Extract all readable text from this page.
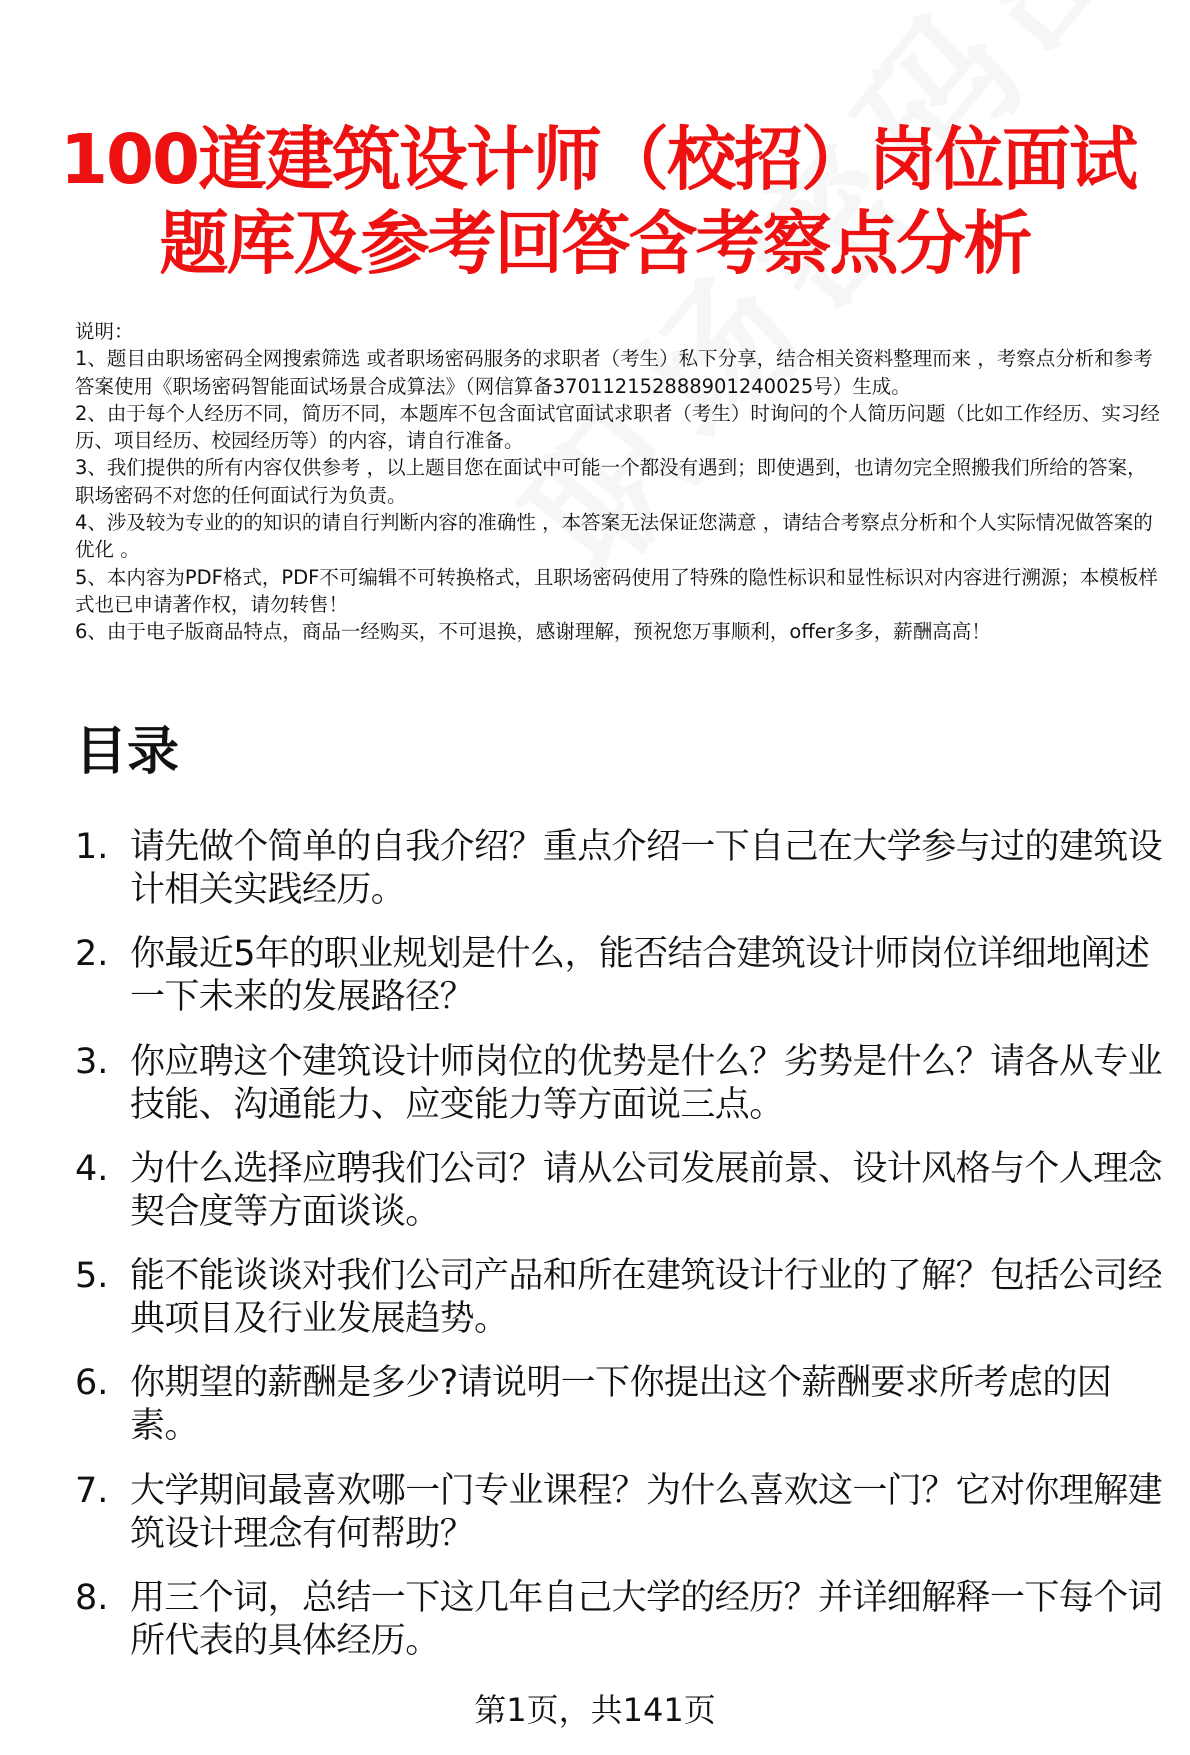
100道建筑设计师（校招）岗位面试
题库及参考回答含考察点分析

说明：

1、题目由职场密码全网搜索筛选 或者职场密码服务的求职者（考生）私下分享，结合相关资料整理而来 ，考察点分析和参考答案使用《职场密码智能面试场景合成算法》（网信算备370112152888901240025号）生成。

2、由于每个人经历不同，简历不同，本题库不包含面试官面试求职者（考生）时询问的个人简历问题（比如工作经历、实习经历、项目经历、校园经历等）的内容，请自行准备。

3、我们提供的所有内容仅供参考 ，以上题目您在面试中可能一个都没有遇到；即使遇到，也请勿完全照搬我们所给的答案，职场密码不对您的任何面试行为负责。

4、涉及较为专业的的知识的请自行判断内容的准确性 ，本答案无法保证您满意 ，请结合考察点分析和个人实际情况做答案的优化 。

5、本内容为PDF格式，PDF不可编辑不可转换格式，且职场密码使用了特殊的隐性标识和显性标识对内容进行溯源；本模板样式也已申请著作权，请勿转售！

6、由于电子版商品特点，商品一经购买，不可退换，感谢理解，预祝您万事顺利，offer多多，薪酬高高！

目录
1. 请先做个简单的自我介绍？重点介绍一下自己在大学参与过的建筑设计相关实践经历。
2. 你最近5年的职业规划是什么，能否结合建筑设计师岗位详细地阐述一下未来的发展路径？
3. 你应聘这个建筑设计师岗位的优势是什么？劣势是什么？请各从专业技能、沟通能力、应变能力等方面说三点。
4. 为什么选择应聘我们公司？请从公司发展前景、设计风格与个人理念契合度等方面谈谈。
5. 能不能谈谈对我们公司产品和所在建筑设计行业的了解？包括公司经典项目及行业发展趋势。
6. 你期望的薪酬是多少?请说明一下你提出这个薪酬要求所考虑的因素。
7. 大学期间最喜欢哪一门专业课程？为什么喜欢这一门？它对你理解建筑设计理念有何帮助？
8. 用三个词，总结一下这几年自己大学的经历？并详细解释一下每个词所代表的具体经历。
第1页，共141页
